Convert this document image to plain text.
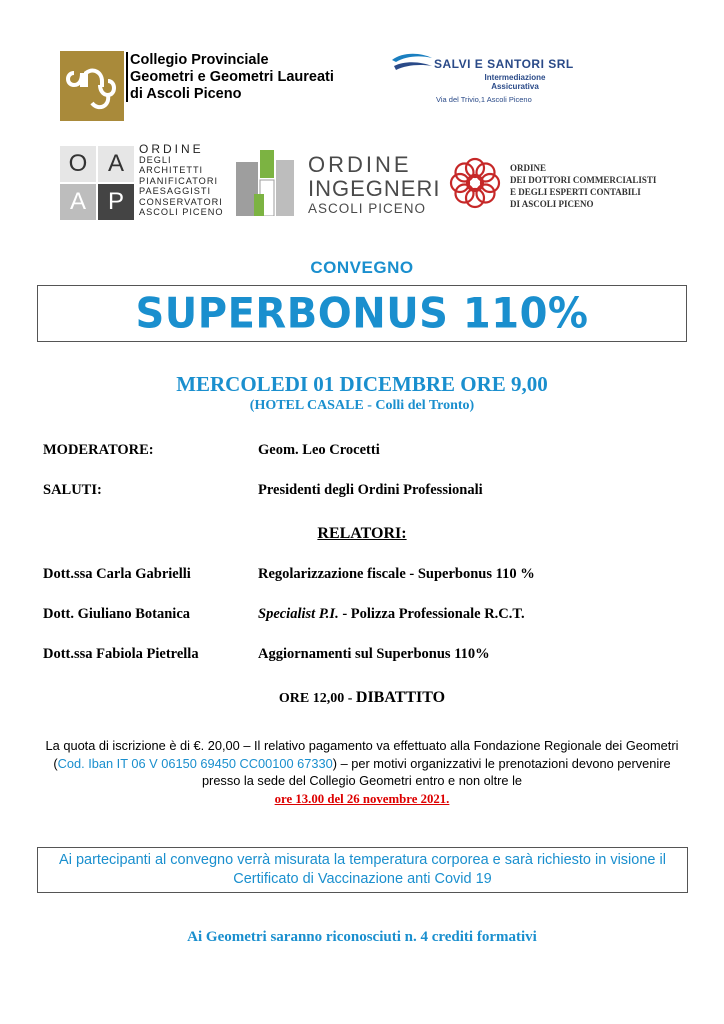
Collegio Provinciale
Geometri e Geometri Laureati
di Ascoli Piceno
SALVI E SANTORI SRL
Intermediazione Assicurativa
Via del Trivio,1 Ascoli Piceno
O A
A P
ORDINE
DEGLI
ARCHITETTI
PIANIFICATORI
PAESAGGISTI
CONSERVATORI
ASCOLI PICENO
ORDINE
INGEGNERI
ASCOLI PICENO
ORDINE
DEI DOTTORI COMMERCIALISTI
E DEGLI ESPERTI CONTABILI
DI ASCOLI PICENO
CONVEGNO
SUPERBONUS 110%
MERCOLEDI 01 DICEMBRE ORE 9,00
(HOTEL CASALE - Colli del Tronto)
MODERATORE:	Geom. Leo Crocetti
SALUTI:	Presidenti degli Ordini Professionali
RELATORI:
Dott.ssa Carla Gabrielli	Regolarizzazione fiscale - Superbonus 110 %
Dott. Giuliano Botanica	Specialist P.I. - Polizza Professionale R.C.T.
Dott.ssa Fabiola Pietrella	Aggiornamenti sul Superbonus 110%
ORE 12,00 - DIBATTITO
La quota di iscrizione è di €. 20,00 – Il relativo pagamento va effettuato alla Fondazione Regionale dei Geometri (Cod. Iban IT 06 V 06150 69450 CC00100 67330) – per motivi organizzativi le prenotazioni devono pervenire presso la sede del Collegio Geometri entro e non oltre le
ore 13.00 del 26 novembre 2021.
Ai partecipanti al convegno verrà misurata la temperatura corporea e sarà richiesto in visione il Certificato di Vaccinazione anti Covid 19
Ai Geometri saranno riconosciuti n. 4 crediti formativi
